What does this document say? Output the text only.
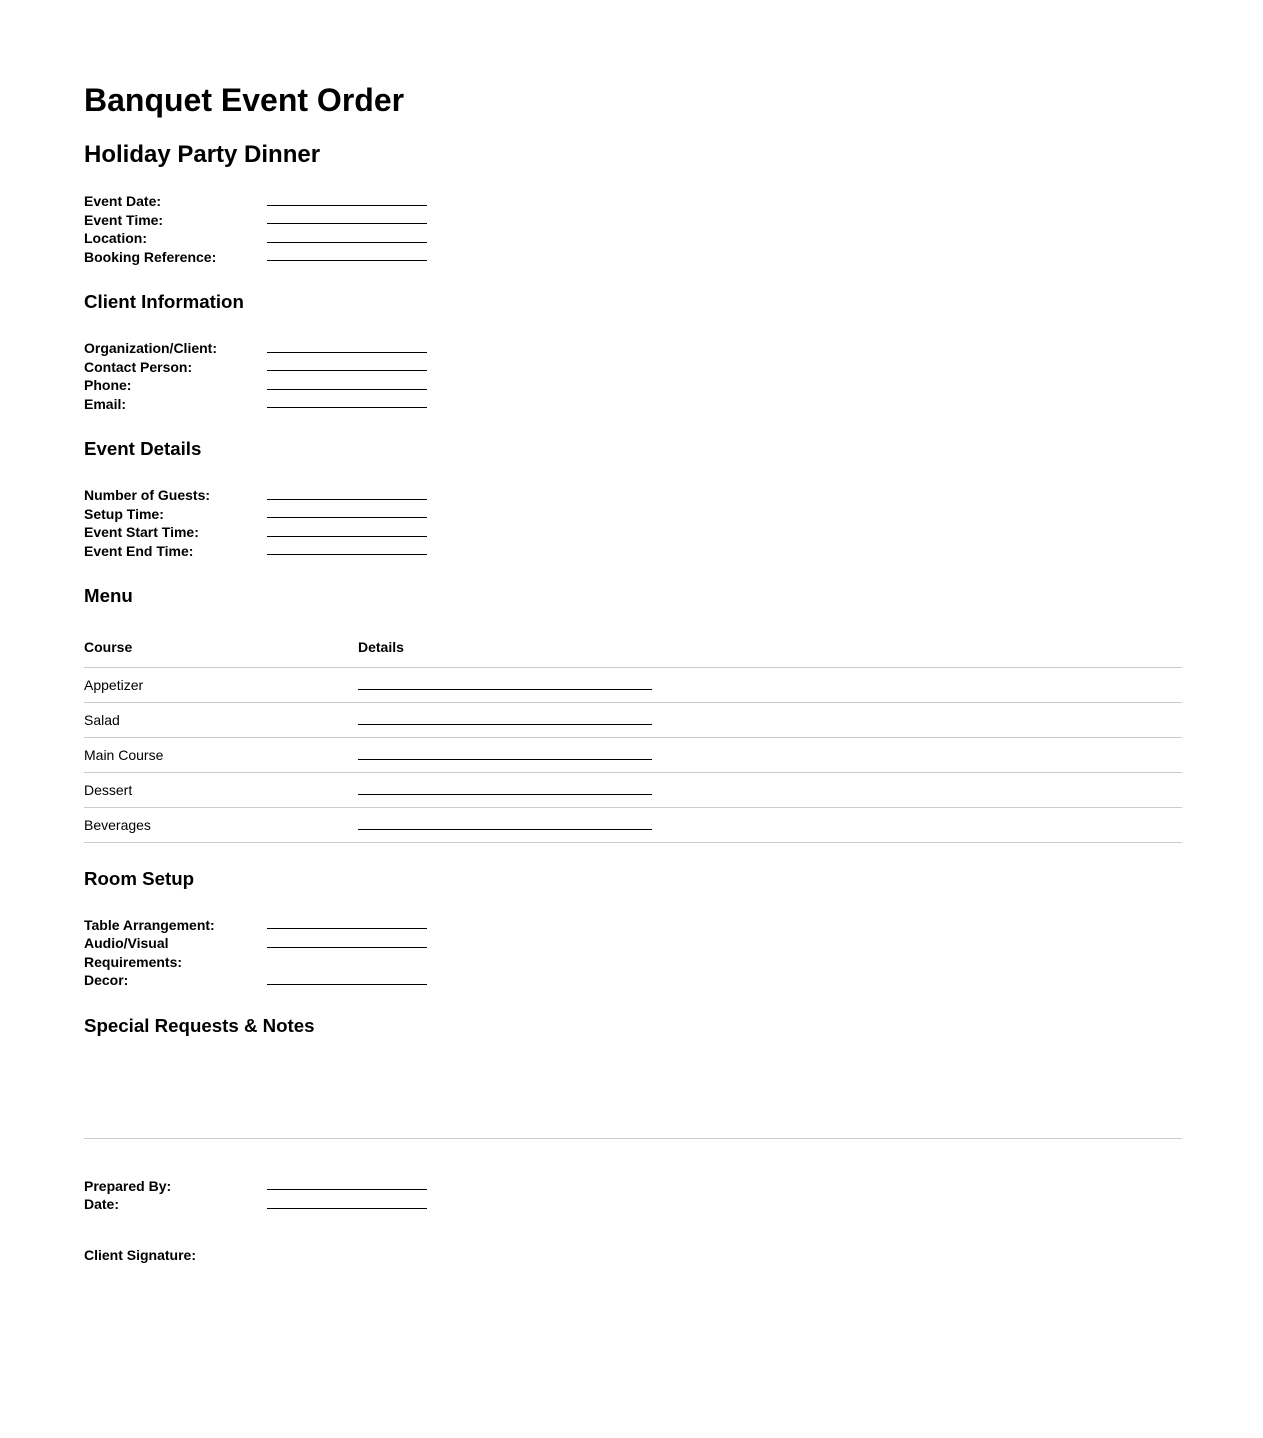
Banquet Event Order
Holiday Party Dinner

Event Date:
Event Time:
Location:
Booking Reference:

Client Information

Organization/Client:
Contact Person:
Phone:
Email:

Event Details

Number of Guests:
Setup Time:
Event Start Time:
Event End Time:

Menu
Course	Details
Appetizer
Salad
Main Course
Dessert
Beverages
Room Setup

Table Arrangement:
Audio/Visual Requirements:
Decor:

Special Requests & Notes

Prepared By:
Date:

Client Signature:
